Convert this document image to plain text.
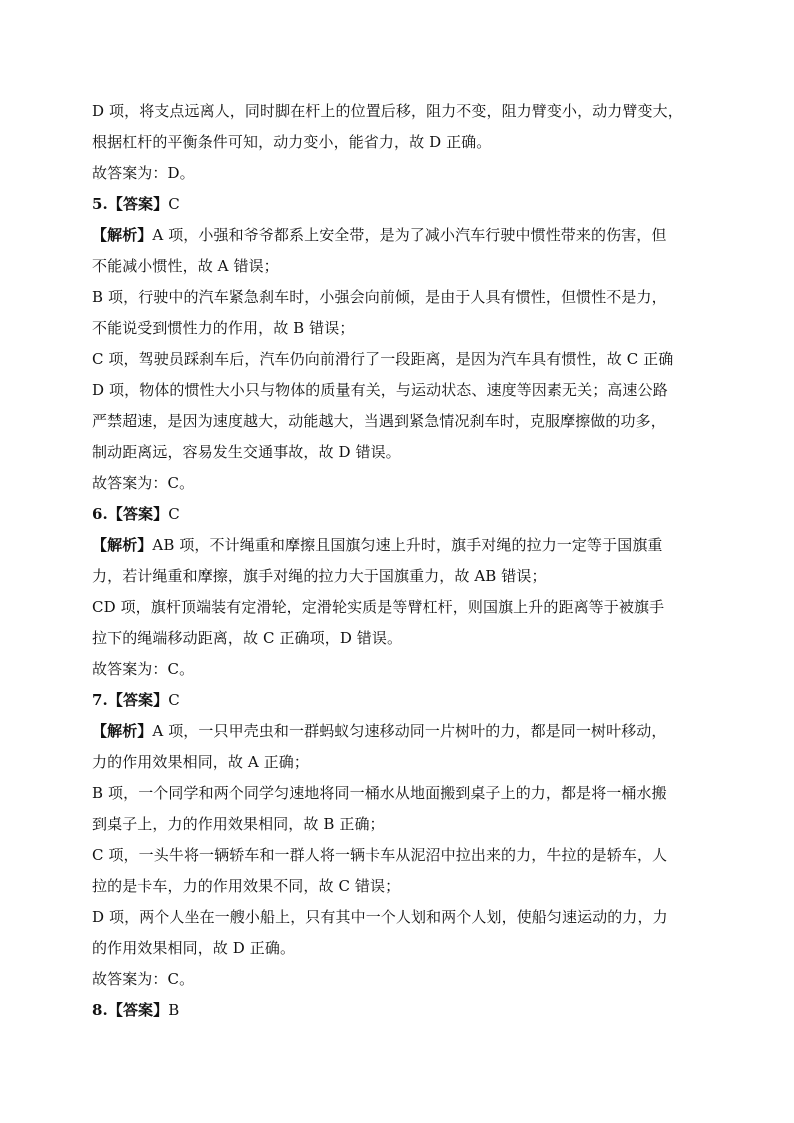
D 项，将支点远离人，同时脚在杆上的位置后移，阻力不变，阻力臂变小，动力臂变大，
根据杠杆的平衡条件可知，动力变小，能省力，故 D 正确。
故答案为：D。
5.【答案】C
【解析】A 项，小强和爷爷都系上安全带，是为了减小汽车行驶中惯性带来的伤害，但
不能减小惯性，故 A 错误；
B 项，行驶中的汽车紧急刹车时，小强会向前倾，是由于人具有惯性，但惯性不是力，
不能说受到惯性力的作用，故 B 错误；
C 项，驾驶员踩刹车后，汽车仍向前滑行了一段距离，是因为汽车具有惯性，故 C 正确
D 项，物体的惯性大小只与物体的质量有关，与运动状态、速度等因素无关；高速公路
严禁超速，是因为速度越大，动能越大，当遇到紧急情况刹车时，克服摩擦做的功多，
制动距离远，容易发生交通事故，故 D 错误。
故答案为：C。
6.【答案】C
【解析】AB 项，不计绳重和摩擦且国旗匀速上升时，旗手对绳的拉力一定等于国旗重
力，若计绳重和摩擦，旗手对绳的拉力大于国旗重力，故 AB 错误；
CD 项，旗杆顶端装有定滑轮，定滑轮实质是等臂杠杆，则国旗上升的距离等于被旗手
拉下的绳端移动距离，故 C 正确项，D 错误。
故答案为：C。
7.【答案】C
【解析】A 项，一只甲壳虫和一群蚂蚁匀速移动同一片树叶的力，都是同一树叶移动，
力的作用效果相同，故 A 正确；
B 项，一个同学和两个同学匀速地将同一桶水从地面搬到桌子上的力，都是将一桶水搬
到桌子上，力的作用效果相同，故 B 正确；
C 项，一头牛将一辆轿车和一群人将一辆卡车从泥沼中拉出来的力，牛拉的是轿车，人
拉的是卡车，力的作用效果不同，故 C 错误；
D 项，两个人坐在一艘小船上，只有其中一个人划和两个人划，使船匀速运动的力，力
的作用效果相同，故 D 正确。
故答案为：C。
8.【答案】B
